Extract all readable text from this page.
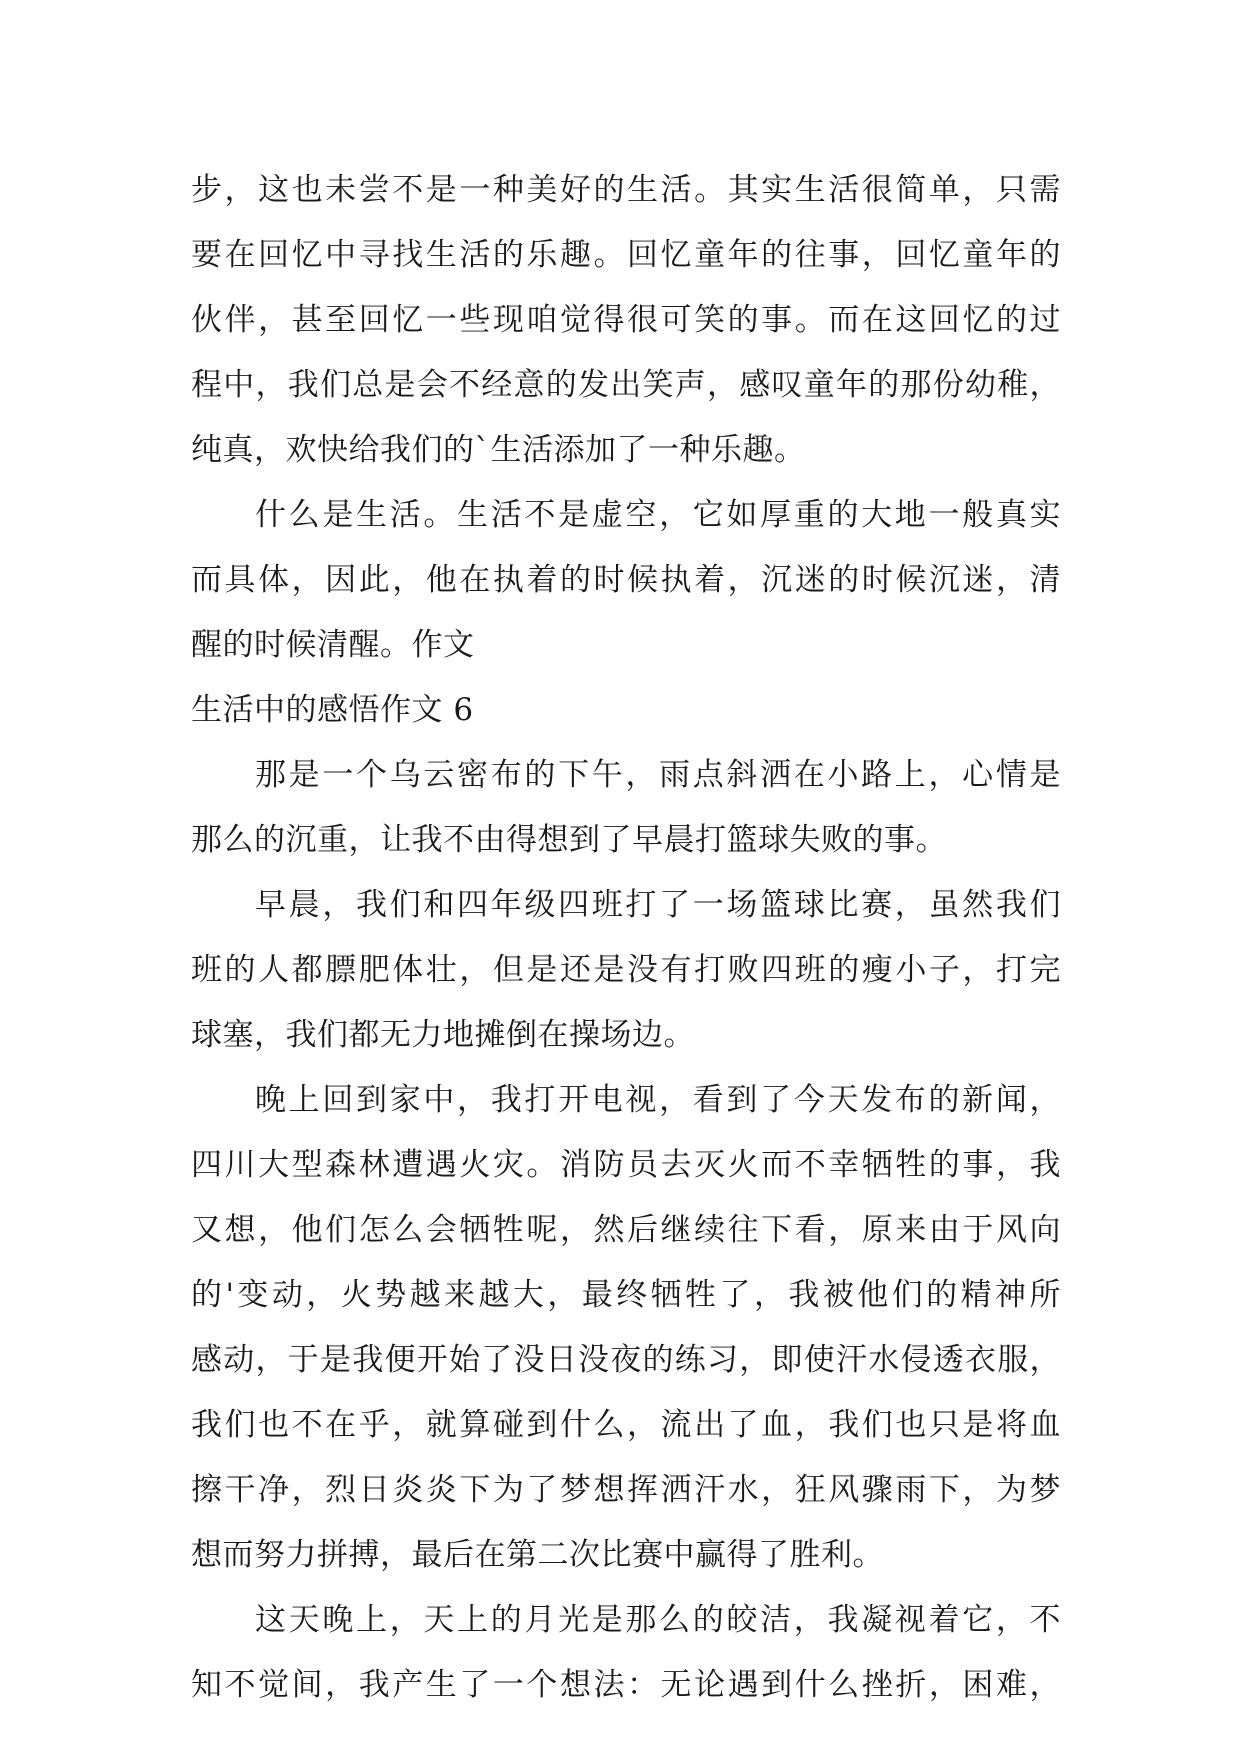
步，这也未尝不是一种美好的生活。其实生活很简单，只需
要在回忆中寻找生活的乐趣。回忆童年的往事，回忆童年的
伙伴，甚至回忆一些现咱觉得很可笑的事。而在这回忆的过
程中，我们总是会不经意的发出笑声，感叹童年的那份幼稚，
纯真，欢快给我们的`生活添加了一种乐趣。
什么是生活。生活不是虚空，它如厚重的大地一般真实
而具体，因此，他在执着的时候执着，沉迷的时候沉迷，清
醒的时候清醒。作文
生活中的感悟作文 6
那是一个乌云密布的下午，雨点斜洒在小路上，心情是
那么的沉重，让我不由得想到了早晨打篮球失败的事。
早晨，我们和四年级四班打了一场篮球比赛，虽然我们
班的人都膘肥体壮，但是还是没有打败四班的瘦小子，打完
球塞，我们都无力地摊倒在操场边。
晚上回到家中，我打开电视，看到了今天发布的新闻，
四川大型森林遭遇火灾。消防员去灭火而不幸牺牲的事，我
又想，他们怎么会牺牲呢，然后继续往下看，原来由于风向
的'变动，火势越来越大，最终牺牲了，我被他们的精神所
感动，于是我便开始了没日没夜的练习，即使汗水侵透衣服，
我们也不在乎，就算碰到什么，流出了血，我们也只是将血
擦干净，烈日炎炎下为了梦想挥洒汗水，狂风骤雨下，为梦
想而努力拼搏，最后在第二次比赛中赢得了胜利。
这天晚上，天上的月光是那么的皎洁，我凝视着它，不
知不觉间，我产生了一个想法：无论遇到什么挫折，困难，
